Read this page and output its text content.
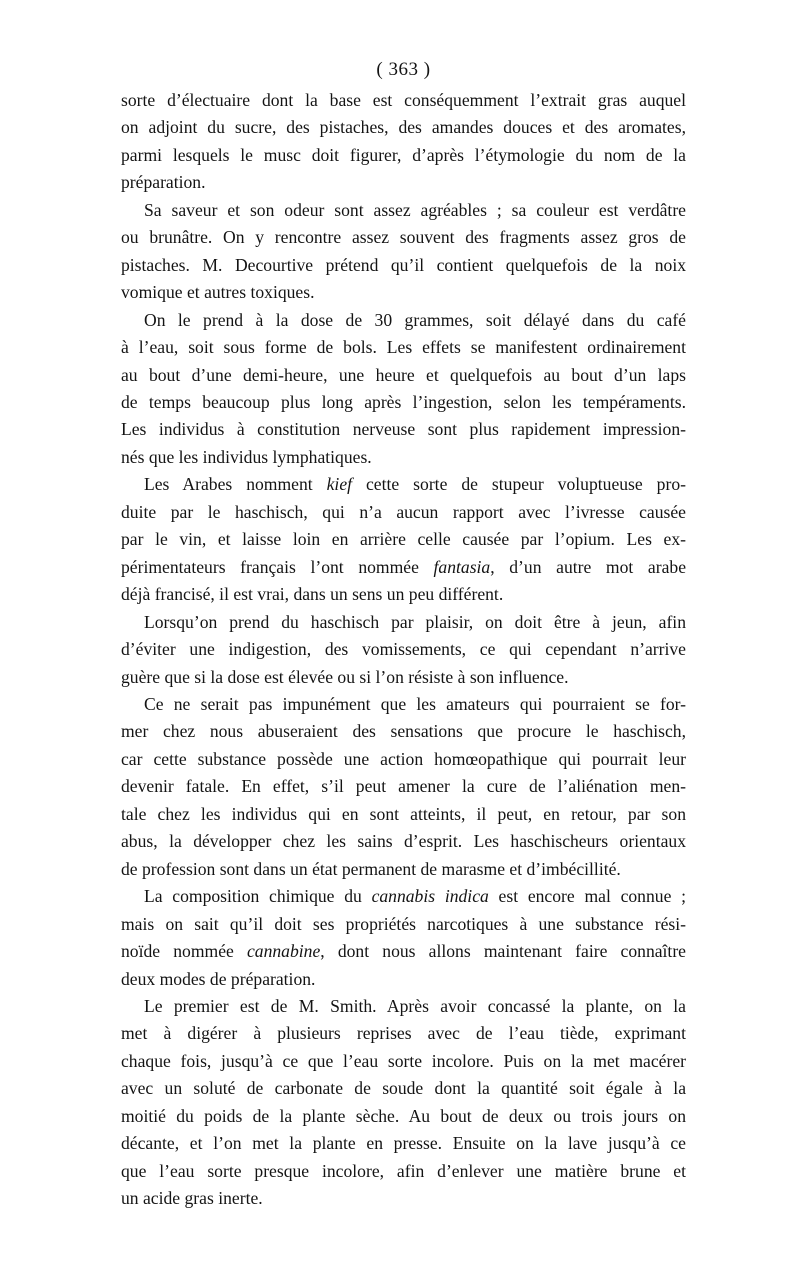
( 363 )
sorte d’électuaire dont la base est conséquemment l’extrait gras auquel
on adjoint du sucre, des pistaches, des amandes douces et des aromates,
parmi lesquels le musc doit figurer, d’après l’étymologie du nom de la
préparation.
Sa saveur et son odeur sont assez agréables ; sa couleur est verdâtre
ou brunâtre. On y rencontre assez souvent des fragments assez gros de
pistaches. M. Decourtive prétend qu’il contient quelquefois de la noix
vomique et autres toxiques.
On le prend à la dose de 30 grammes, soit délayé dans du café
à l’eau, soit sous forme de bols. Les effets se manifestent ordinairement
au bout d’une demi-heure, une heure et quelquefois au bout d’un laps
de temps beaucoup plus long après l’ingestion, selon les tempéraments.
Les individus à constitution nerveuse sont plus rapidement impression-
nés que les individus lymphatiques.
Les Arabes nomment kief cette sorte de stupeur voluptueuse pro-
duite par le haschisch, qui n’a aucun rapport avec l’ivresse causée
par le vin, et laisse loin en arrière celle causée par l’opium. Les ex-
périmentateurs français l’ont nommée fantasia, d’un autre mot arabe
déjà francisé, il est vrai, dans un sens un peu différent.
Lorsqu’on prend du haschisch par plaisir, on doit être à jeun, afin
d’éviter une indigestion, des vomissements, ce qui cependant n’arrive
guère que si la dose est élevée ou si l’on résiste à son influence.
Ce ne serait pas impunément que les amateurs qui pourraient se for-
mer chez nous abuseraient des sensations que procure le haschisch,
car cette substance possède une action homœopathique qui pourrait leur
devenir fatale. En effet, s’il peut amener la cure de l’aliénation men-
tale chez les individus qui en sont atteints, il peut, en retour, par son
abus, la développer chez les sains d’esprit. Les haschischeurs orientaux
de profession sont dans un état permanent de marasme et d’imbécillité.
La composition chimique du cannabis indica est encore mal connue ;
mais on sait qu’il doit ses propriétés narcotiques à une substance rési-
noïde nommée cannabine, dont nous allons maintenant faire connaître
deux modes de préparation.
Le premier est de M. Smith. Après avoir concassé la plante, on la
met à digérer à plusieurs reprises avec de l’eau tiède, exprimant
chaque fois, jusqu’à ce que l’eau sorte incolore. Puis on la met macérer
avec un soluté de carbonate de soude dont la quantité soit égale à la
moitié du poids de la plante sèche. Au bout de deux ou trois jours on
décante, et l’on met la plante en presse. Ensuite on la lave jusqu’à ce
que l’eau sorte presque incolore, afin d’enlever une matière brune et
un acide gras inerte.
